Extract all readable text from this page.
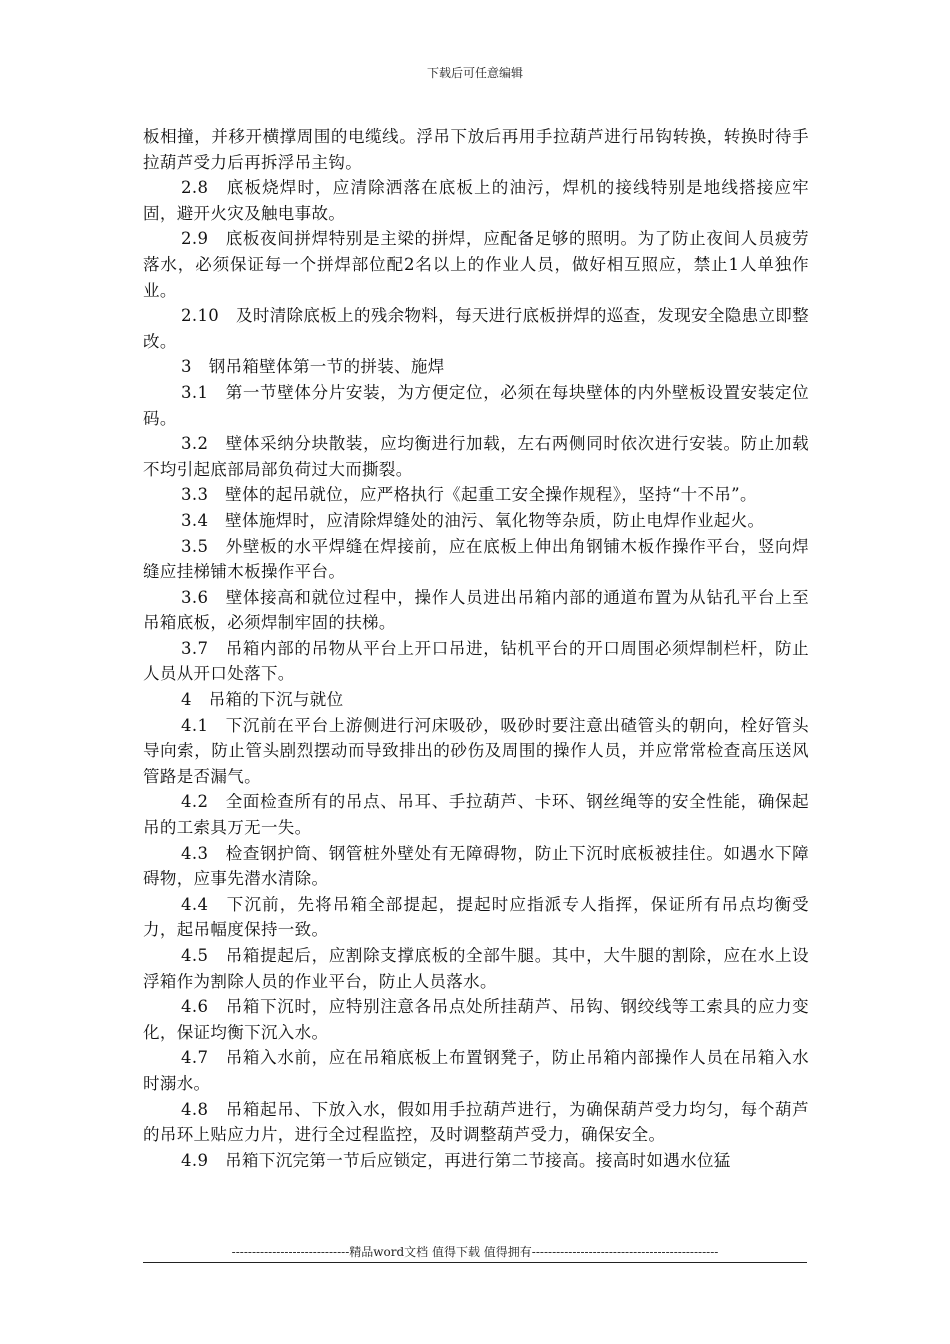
下载后可任意编辑

板相撞，并移开横撑周围的电缆线。浮吊下放后再用手拉葫芦进行吊钩转换，转换时待手拉葫芦受力后再拆浮吊主钩。

2.8　底板烧焊时，应清除洒落在底板上的油污，焊机的接线特别是地线搭接应牢固，避开火灾及触电事故。

2.9　底板夜间拼焊特别是主梁的拼焊，应配备足够的照明。为了防止夜间人员疲劳落水，必须保证每一个拼焊部位配2名以上的作业人员，做好相互照应，禁止1人单独作业。

2.10　及时清除底板上的残余物料，每天进行底板拼焊的巡查，发现安全隐患立即整改。

3　钢吊箱壁体第一节的拼装、施焊

3.1　第一节壁体分片安装，为方便定位，必须在每块壁体的内外壁板设置安装定位码。

3.2　壁体采纳分块散装，应均衡进行加载，左右两侧同时依次进行安装。防止加载不均引起底部局部负荷过大而撕裂。

3.3　壁体的起吊就位，应严格执行《起重工安全操作规程》，坚持“十不吊”。

3.4　壁体施焊时，应清除焊缝处的油污、氧化物等杂质，防止电焊作业起火。

3.5　外壁板的水平焊缝在焊接前，应在底板上伸出角钢铺木板作操作平台，竖向焊缝应挂梯铺木板操作平台。

3.6　壁体接高和就位过程中，操作人员进出吊箱内部的通道布置为从钻孔平台上至吊箱底板，必须焊制牢固的扶梯。

3.7　吊箱内部的吊物从平台上开口吊进，钻机平台的开口周围必须焊制栏杆，防止人员从开口处落下。

4　吊箱的下沉与就位

4.1　下沉前在平台上游侧进行河床吸砂，吸砂时要注意出碴管头的朝向，栓好管头导向索，防止管头剧烈摆动而导致排出的砂伤及周围的操作人员，并应常常检查高压送风管路是否漏气。

4.2　全面检查所有的吊点、吊耳、手拉葫芦、卡环、钢丝绳等的安全性能，确保起吊的工索具万无一失。

4.3　检查钢护筒、钢管桩外壁处有无障碍物，防止下沉时底板被挂住。如遇水下障碍物，应事先潜水清除。

4.4　下沉前，先将吊箱全部提起，提起时应指派专人指挥，保证所有吊点均衡受力，起吊幅度保持一致。

4.5　吊箱提起后，应割除支撑底板的全部牛腿。其中，大牛腿的割除，应在水上设浮箱作为割除人员的作业平台，防止人员落水。

4.6　吊箱下沉时，应特别注意各吊点处所挂葫芦、吊钩、钢绞线等工索具的应力变化，保证均衡下沉入水。

4.7　吊箱入水前，应在吊箱底板上布置钢凳子，防止吊箱内部操作人员在吊箱入水时溺水。

4.8　吊箱起吊、下放入水，假如用手拉葫芦进行，为确保葫芦受力均匀，每个葫芦的吊环上贴应力片，进行全过程监控，及时调整葫芦受力，确保安全。

4.9　吊箱下沉完第一节后应锁定，再进行第二节接高。接高时如遇水位猛

-----------------------------精品word文档 值得下载 值得拥有----------------------------------------------
